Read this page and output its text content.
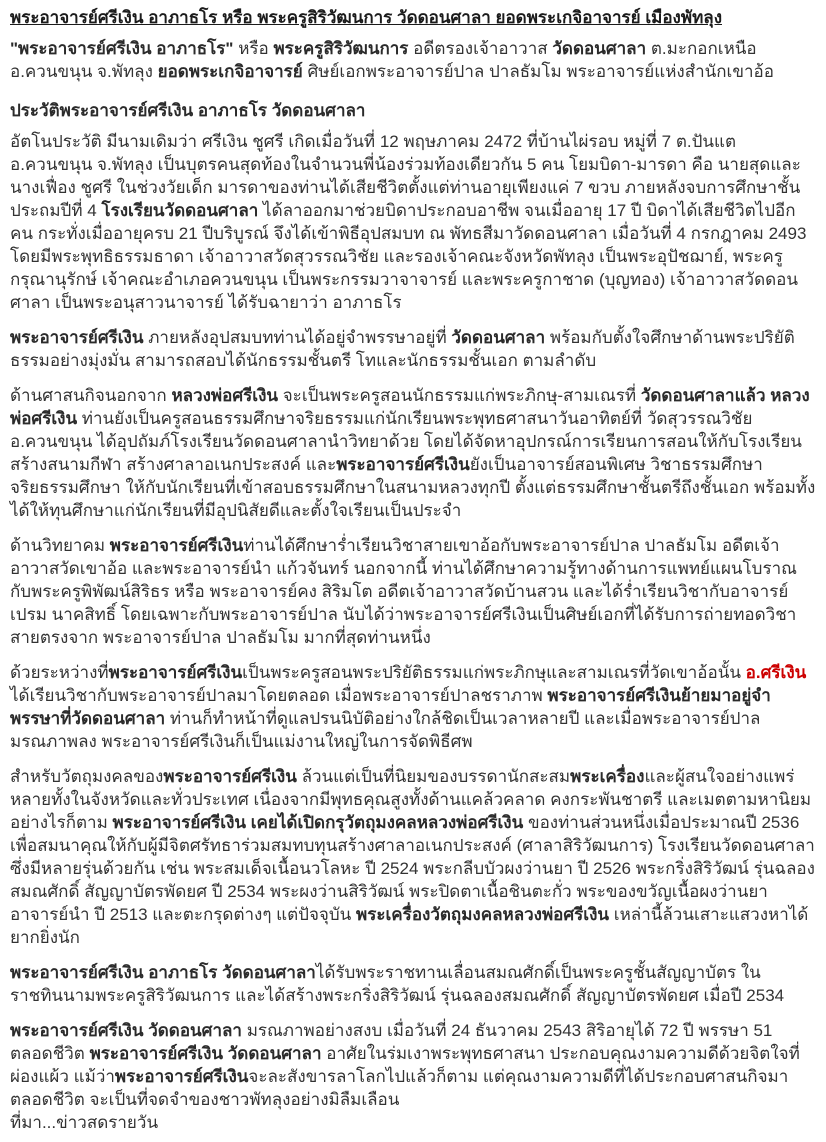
พระอาจารย์ศรีเงิน อาภาธโร หรือ พระครูสิริวัฒนการ วัดดอนศาลา ยอดพระเกจิอาจารย์ เมืองพัทลุง

"พระอาจารย์ศรีเงิน อาภาธโร" หรือ พระครูสิริวัฒนการ อดีตรองเจ้าอาวาส วัดดอนศาลา ต.มะกอกเหนือ อ.ควนขนุน จ.พัทลุง ยอดพระเกจิอาจารย์ ศิษย์เอกพระอาจารย์ปาล ปาลธัมโม พระอาจารย์แห่งสำนักเขาอ้อ

ประวัติพระอาจารย์ศรีเงิน อาภาธโร วัดดอนศาลา

อัตโนประวัติ มีนามเดิมว่า ศรีเงิน ชูศรี เกิดเมื่อวันที่ 12 พฤษภาคม 2472 ที่บ้านไผ่รอบ หมู่ที่ 7 ต.ปันแต อ.ควนขนุน จ.พัทลุง เป็นบุตรคนสุดท้องในจำนวนพี่น้องร่วมท้องเดียวกัน 5 คน โยมบิดา-มารดา คือ นายสุดและนางเฟื่อง ชูศรี ในช่วงวัยเด็ก มารดาของท่านได้เสียชีวิตตั้งแต่ท่านอายุเพียงแค่ 7 ขวบ ภายหลังจบการศึกษาชั้นประถมปีที่ 4 โรงเรียนวัดดอนศาลา ได้ลาออกมาช่วยบิดาประกอบอาชีพ จนเมื่ออายุ 17 ปี บิดาได้เสียชีวิตไปอีกคน กระทั่งเมื่ออายุครบ 21 ปีบริบูรณ์ จึงได้เข้าพิธีอุปสมบท ณ พัทธสีมาวัดดอนศาลา เมื่อวันที่ 4 กรกฎาคม 2493 โดยมีพระพุทธิธรรมธาดา เจ้าอาวาสวัดสุวรรณวิชัย และรองเจ้าคณะจังหวัดพัทลุง เป็นพระอุปัชฌาย์, พระครูกรุณานุรักษ์ เจ้าคณะอำเภอควนขนุน เป็นพระกรรมวาจาจารย์ และพระครูกาชาด (บุญทอง) เจ้าอาวาสวัดดอนศาลา เป็นพระอนุสาวนาจารย์ ได้รับฉายาว่า อาภาธโร

พระอาจารย์ศรีเงิน ภายหลังอุปสมบทท่านได้อยู่จำพรรษาอยู่ที่ วัดดอนศาลา พร้อมกับตั้งใจศึกษาด้านพระปริยัติธรรมอย่างมุ่งมั่น สามารถสอบได้นักธรรมชั้นตรี โทและนักธรรมชั้นเอก ตามลำดับ

ด้านศาสนกิจนอกจาก หลวงพ่อศรีเงิน จะเป็นพระครูสอนนักธรรมแก่พระภิกษุ-สามเณรที่ วัดดอนศาลาแล้ว หลวงพ่อศรีเงิน ท่านยังเป็นครูสอนธรรมศึกษาจริยธรรมแก่นักเรียนพระพุทธศาสนาวันอาทิตย์ที่ วัดสุวรรณวิชัย อ.ควนขนุน ได้อุปถัมภ์โรงเรียนวัดดอนศาลานำวิทยาด้วย โดยได้จัดหาอุปกรณ์การเรียนการสอนให้กับโรงเรียน สร้างสนามกีฬา สร้างศาลาอเนกประสงค์ และพระอาจารย์ศรีเงินยังเป็นอาจารย์สอนพิเศษ วิชาธรรมศึกษา จริยธรรมศึกษา ให้กับนักเรียนที่เข้าสอบธรรมศึกษาในสนามหลวงทุกปี ตั้งแต่ธรรมศึกษาชั้นตรีถึงชั้นเอก พร้อมทั้งได้ให้ทุนศึกษาแก่นักเรียนที่มีอุปนิสัยดีและตั้งใจเรียนเป็นประจำ

ด้านวิทยาคม พระอาจารย์ศรีเงินท่านได้ศึกษาร่ำเรียนวิชาสายเขาอ้อกับพระอาจารย์ปาล ปาลธัมโม อดีตเจ้าอาวาสวัดเขาอ้อ และพระอาจารย์นำ แก้วจันทร์ นอกจากนี้ ท่านได้ศึกษาความรู้ทางด้านการแพทย์แผนโบราณกับพระครูพิพัฒน์สิริธร หรือ พระอาจารย์คง สิริมโต อดีตเจ้าอาวาสวัดบ้านสวน และได้ร่ำเรียนวิชากับอาจารย์เปรม นาคสิทธิ์ โดยเฉพาะกับพระอาจารย์ปาล นับได้ว่าพระอาจารย์ศรีเงินเป็นศิษย์เอกที่ได้รับการถ่ายทอดวิชาสายตรงจาก พระอาจารย์ปาล ปาลธัมโม มากที่สุดท่านหนึ่ง

ด้วยระหว่างที่พระอาจารย์ศรีเงินเป็นพระครูสอนพระปริยัติธรรมแก่พระภิกษุและสามเณรที่วัดเขาอ้อนั้น อ.ศรีเงินได้เรียนวิชากับพระอาจารย์ปาลมาโดยตลอด เมื่อพระอาจารย์ปาลชราภาพ พระอาจารย์ศรีเงินย้ายมาอยู่จำพรรษาที่วัดดอนศาลา ท่านก็ทำหน้าที่ดูแลปรนนิบัติอย่างใกล้ชิดเป็นเวลาหลายปี และเมื่อพระอาจารย์ปาลมรณภาพลง พระอาจารย์ศรีเงินก็เป็นแม่งานใหญ่ในการจัดพิธีศพ

สำหรับวัตถุมงคลของพระอาจารย์ศรีเงิน ล้วนแต่เป็นที่นิยมของบรรดานักสะสมพระเครื่องและผู้สนใจอย่างแพร่หลายทั้งในจังหวัดและทั่วประเทศ เนื่องจากมีพุทธคุณสูงทั้งด้านแคล้วคลาด คงกระพันชาตรี และเมตตามหานิยม อย่างไรก็ตาม พระอาจารย์ศรีเงิน เคยได้เปิดกรุวัตถุมงคลหลวงพ่อศรีเงิน ของท่านส่วนหนึ่งเมื่อประมาณปี 2536 เพื่อสมนาคุณให้กับผู้มีจิตศรัทธาร่วมสมทบทุนสร้างศาลาอเนกประสงค์ (ศาลาสิริวัฒนการ) โรงเรียนวัดดอนศาลา ซึ่งมีหลายรุ่นด้วยกัน เช่น พระสมเด็จเนื้อนวโลหะ ปี 2524 พระกลีบบัวผงว่านยา ปี 2526 พระกริ่งสิริวัฒน์ รุ่นฉลองสมณศักดิ์ สัญญาบัตรพัดยศ ปี 2534 พระผงว่านสิริวัฒน์ พระปิดตาเนื้อชินตะกั่ว พระของขวัญเนื้อผงว่านยาอาจารย์นำ ปี 2513 และตะกรุดต่างๆ แต่ปัจจุบัน พระเครื่องวัตถุมงคลหลวงพ่อศรีเงิน เหล่านี้ล้วนเสาะแสวงหาได้ยากยิ่งนัก

พระอาจารย์ศรีเงิน อาภาธโร วัดดอนศาลาได้รับพระราชทานเลื่อนสมณศักดิ์เป็นพระครูชั้นสัญญาบัตร ในราชทินนามพระครูสิริวัฒนการ และได้สร้างพระกริ่งสิริวัฒน์ รุ่นฉลองสมณศักดิ์ สัญญาบัตรพัดยศ เมื่อปี 2534

พระอาจารย์ศรีเงิน วัดดอนศาลา มรณภาพอย่างสงบ เมื่อวันที่ 24 ธันวาคม 2543 สิริอายุได้ 72 ปี พรรษา 51
ตลอดชีวิต พระอาจารย์ศรีเงิน วัดดอนศาลา อาศัยในร่มเงาพระพุทธศาสนา ประกอบคุณงามความดีด้วยจิตใจที่ผ่องแผ้ว แม้ว่าพระอาจารย์ศรีเงินจะละสังขารลาโลกไปแล้วก็ตาม แต่คุณงามความดีที่ได้ประกอบศาสนกิจมาตลอดชีวิต จะเป็นที่จดจำของชาวพัทลุงอย่างมิลืมเลือน
ที่มา...ข่าวสดรายวัน
